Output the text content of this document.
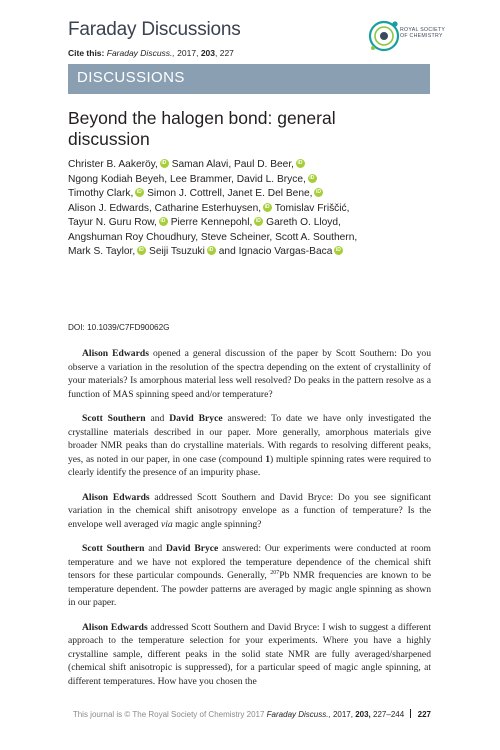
Faraday Discussions
Cite this: Faraday Discuss., 2017, 203, 227
ROYAL SOCIETY
OF CHEMISTRY
DISCUSSIONS
Beyond the halogen bond: general discussion
Christer B. Aakeröy, iD Saman Alavi, Paul D. Beer,iD
Ngong Kodiah Beyeh, Lee Brammer, David L. Bryce,iD
Timothy Clark, iD Simon J. Cottrell, Janet E. Del Bene,iD
Alison J. Edwards, Catharine Esterhuysen, iD Tomislav Friščić,
Tayur N. Guru Row, iD Pierre Kennepohl, iD Gareth O. Lloyd,
Angshuman Roy Choudhury, Steve Scheiner, Scott A. Southern,
Mark S. Taylor, iD Seiji Tsuzuki iD and Ignacio Vargas-BacaiD
DOI: 10.1039/C7FD90062G

Alison Edwards opened a general discussion of the paper by Scott Southern: Do you observe a variation in the resolution of the spectra depending on the extent of crystallinity of your materials? Is amorphous material less well resolved? Do peaks in the pattern resolve as a function of MAS spinning speed and/or temperature?

Scott Southern and David Bryce answered: To date we have only investigated the crystalline materials described in our paper. More generally, amorphous materials give broader NMR peaks than do crystalline materials. With regards to resolving different peaks, yes, as noted in our paper, in one case (compound 1) multiple spinning rates were required to clearly identify the presence of an impurity phase.

Alison Edwards addressed Scott Southern and David Bryce: Do you see significant variation in the chemical shift anisotropy envelope as a function of temperature? Is the envelope well averaged via magic angle spinning?

Scott Southern and David Bryce answered: Our experiments were conducted at room temperature and we have not explored the temperature dependence of the chemical shift tensors for these particular compounds. Generally, $^{207}$Pb NMR frequencies are known to be temperature dependent. The powder patterns are averaged by magic angle spinning as shown in our paper.

Alison Edwards addressed Scott Southern and David Bryce: I wish to suggest a different approach to the temperature selection for your experiments. Where you have a highly crystalline sample, different peaks in the solid state NMR are fully averaged/sharpened (chemical shift anisotropic is suppressed), for a particular speed of magic angle spinning, at different temperatures. How have you chosen the

This journal is © The Royal Society of Chemistry 2017 Faraday Discuss., 2017, 203, 227–244 227
